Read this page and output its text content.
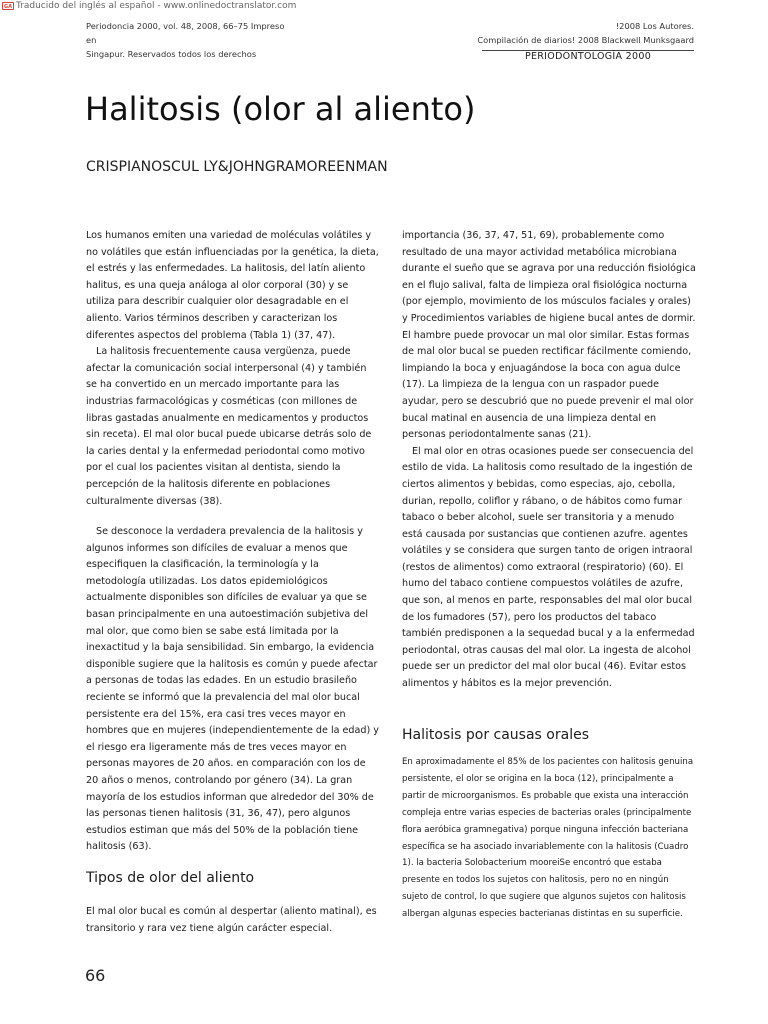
GA Traducido del inglés al español - www.onlinedoctranslator.com
Periodoncia 2000, vol. 48, 2008, 66–75 Impreso en
Singapur. Reservados todos los derechos
!2008 Los Autores.
Compilación de diarios! 2008 Blackwell Munksgaard
PERIODONTOLOGÍA 2000
Halitosis (olor al aliento)
CRISPIANOSCUL LY&JOHNGRAMOREENMAN

Los humanos emiten una variedad de moléculas volátiles y no volátiles que están influenciadas por la genética, la dieta, el estrés y las enfermedades. La halitosis, del latín aliento halitus, es una queja análoga al olor corporal (30) y se utiliza para describir cualquier olor desagradable en el aliento. Varios términos describen y caracterizan los diferentes aspectos del problema (Tabla 1) (37, 47).

La halitosis frecuentemente causa vergüenza, puede afectar la comunicación social interpersonal (4) y también se ha convertido en un mercado importante para las industrias farmacológicas y cosméticas (con millones de libras gastadas anualmente en medicamentos y productos sin receta). El mal olor bucal puede ubicarse detrás solo de la caries dental y la enfermedad periodontal como motivo por el cual los pacientes visitan al dentista, siendo la percepción de la halitosis diferente en poblaciones culturalmente diversas (38).

Se desconoce la verdadera prevalencia de la halitosis y algunos informes son difíciles de evaluar a menos que especifiquen la clasificación, la terminología y la metodología utilizadas. Los datos epidemiológicos actualmente disponibles son difíciles de evaluar ya que se basan principalmente en una autoestimación subjetiva del mal olor, que como bien se sabe está limitada por la inexactitud y la baja sensibilidad. Sin embargo, la evidencia disponible sugiere que la halitosis es común y puede afectar a personas de todas las edades. En un estudio brasileño reciente se informó que la prevalencia del mal olor bucal persistente era del 15%, era casi tres veces mayor en hombres que en mujeres (independientemente de la edad) y el riesgo era ligeramente más de tres veces mayor en personas mayores de 20 años. en comparación con los de 20 años o menos, controlando por género (34). La gran mayoría de los estudios informan que alrededor del 30% de las personas tienen halitosis (31, 36, 47), pero algunos estudios estiman que más del 50% de la población tiene halitosis (63).

Tipos de olor del aliento

El mal olor bucal es común al despertar (aliento matinal), es transitorio y rara vez tiene algún carácter especial.

importancia (36, 37, 47, 51, 69), probablemente como resultado de una mayor actividad metabólica microbiana durante el sueño que se agrava por una reducción fisiológica en el flujo salival, falta de limpieza oral fisiológica nocturna (por ejemplo, movimiento de los músculos faciales y orales) y Procedimientos variables de higiene bucal antes de dormir. El hambre puede provocar un mal olor similar. Estas formas de mal olor bucal se pueden rectificar fácilmente comiendo, limpiando la boca y enjuagándose la boca con agua dulce (17). La limpieza de la lengua con un raspador puede ayudar, pero se descubrió que no puede prevenir el mal olor bucal matinal en ausencia de una limpieza dental en personas periodontalmente sanas (21).

El mal olor en otras ocasiones puede ser consecuencia del estilo de vida. La halitosis como resultado de la ingestión de ciertos alimentos y bebidas, como especias, ajo, cebolla, durian, repollo, coliflor y rábano, o de hábitos como fumar tabaco o beber alcohol, suele ser transitoria y a menudo está causada por sustancias que contienen azufre. agentes volátiles y se considera que surgen tanto de origen intraoral (restos de alimentos) como extraoral (respiratorio) (60). El humo del tabaco contiene compuestos volátiles de azufre, que son, al menos en parte, responsables del mal olor bucal de los fumadores (57), pero los productos del tabaco también predisponen a la sequedad bucal y a la enfermedad periodontal, otras causas del mal olor. La ingesta de alcohol puede ser un predictor del mal olor bucal (46). Evitar estos alimentos y hábitos es la mejor prevención.

Halitosis por causas orales

En aproximadamente el 85% de los pacientes con halitosis genuina persistente, el olor se origina en la boca (12), principalmente a partir de microorganismos. Es probable que exista una interacción compleja entre varias especies de bacterias orales (principalmente flora aeróbica gramnegativa) porque ninguna infección bacteriana específica se ha asociado invariablemente con la halitosis (Cuadro 1). la bacteria Solobacterium mooreiSe encontró que estaba presente en todos los sujetos con halitosis, pero no en ningún sujeto de control, lo que sugiere que algunos sujetos con halitosis albergan algunas especies bacterianas distintas en su superficie.

66
